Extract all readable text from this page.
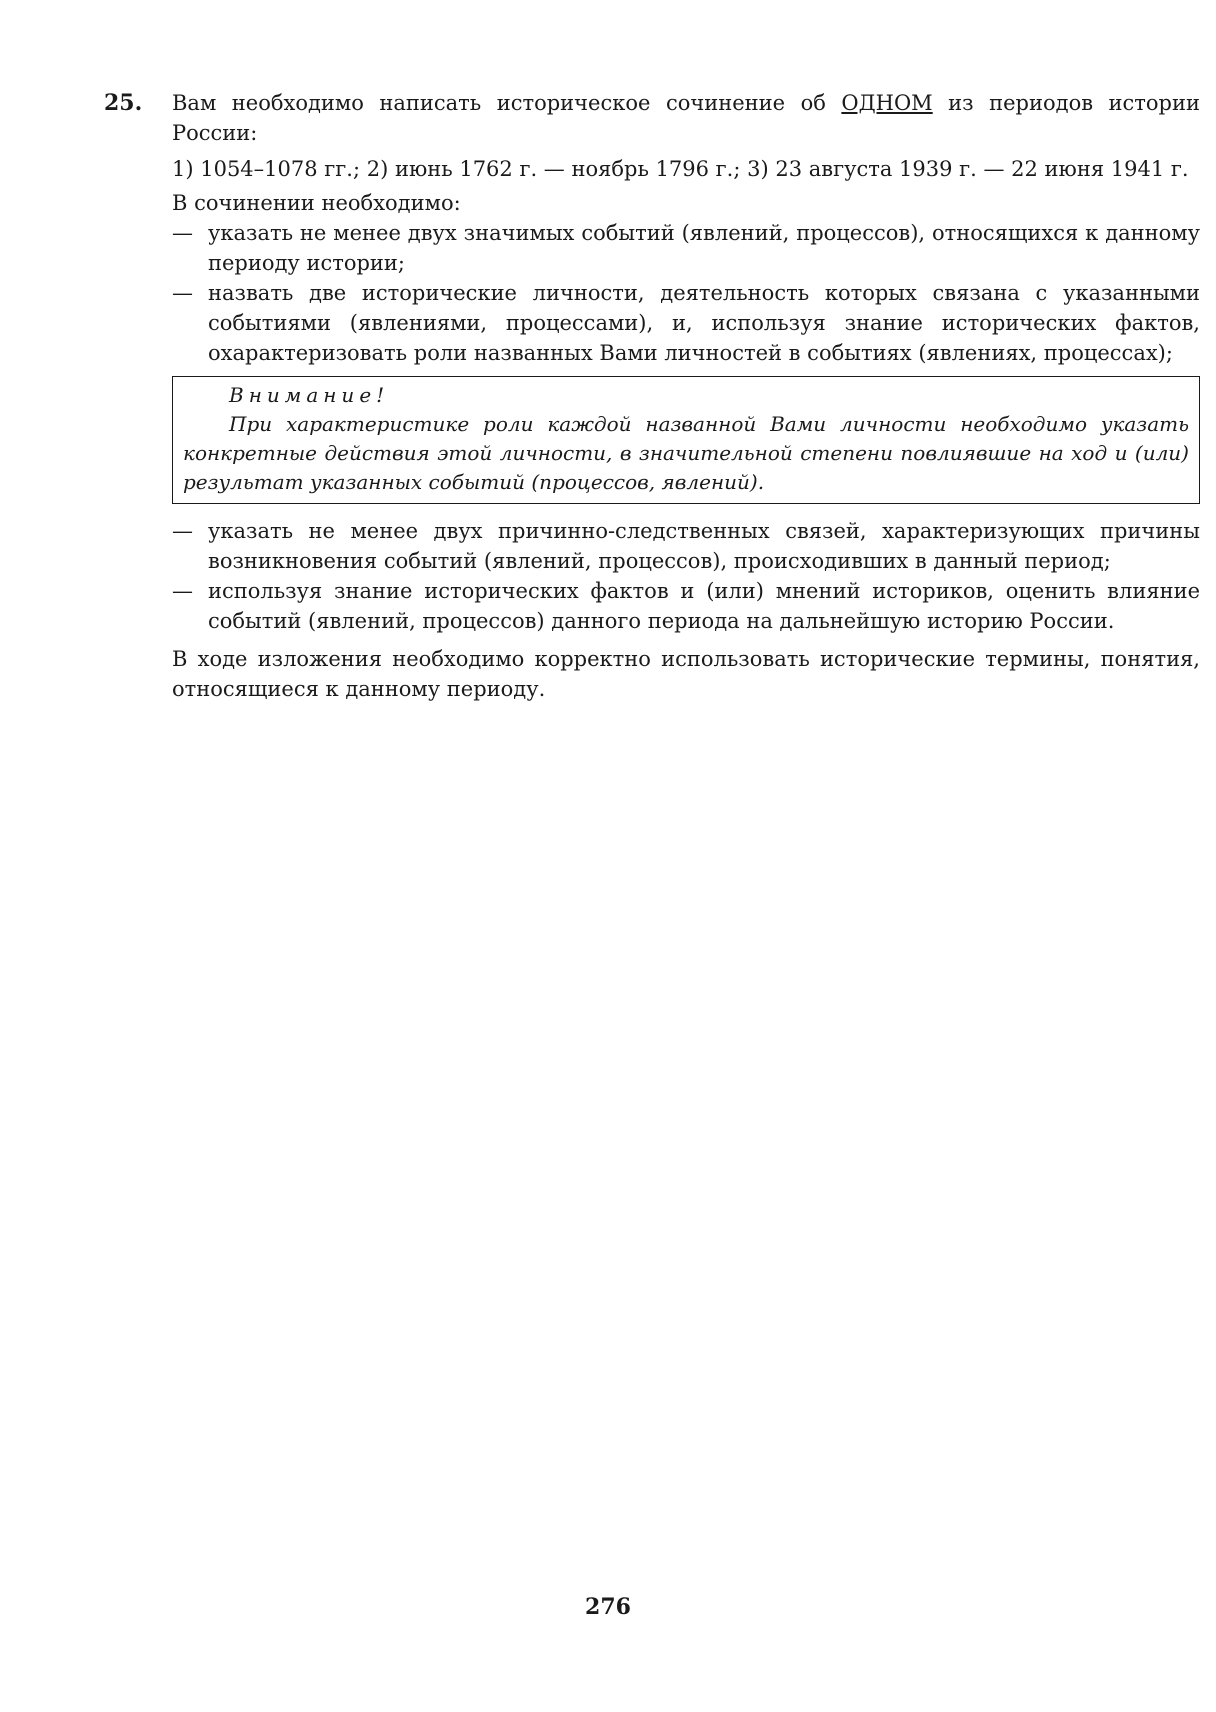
25. Вам необходимо написать историческое сочинение об ОДНОМ из периодов истории России:

1) 1054–1078 гг.; 2) июнь 1762 г. — ноябрь 1796 г.; 3) 23 августа 1939 г. — 22 июня 1941 г.

В сочинении необходимо:

— указать не менее двух значимых событий (явлений, процессов), относящихся к данному периоду истории;

— назвать две исторические личности, деятельность которых связана с указанными событиями (явлениями, процессами), и, используя знание исторических фактов, охарактеризовать роли названных Вами личностей в событиях (явлениях, процессах);

Внимание!

При характеристике роли каждой названной Вами личности необходимо указать конкретные действия этой личности, в значительной степени повлиявшие на ход и (или) результат указанных событий (процессов, явлений).

— указать не менее двух причинно-следственных связей, характеризующих причины возникновения событий (явлений, процессов), происходивших в данный период;

— используя знание исторических фактов и (или) мнений историков, оценить влияние событий (явлений, процессов) данного периода на дальнейшую историю России.

В ходе изложения необходимо корректно использовать исторические термины, понятия, относящиеся к данному периоду.

276
